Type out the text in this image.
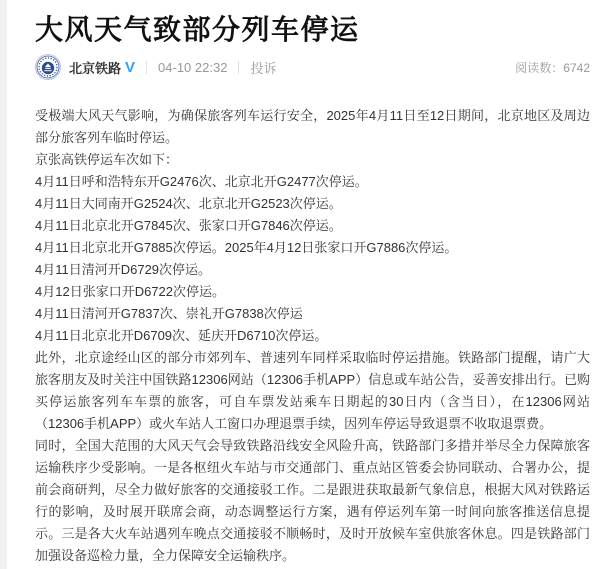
大风天气致部分列车停运
北京铁路 V 04-10 22:32 投诉	阅读数：6742

受极端大风天气影响，为确保旅客列车运行安全，2025年4月11日至12日期间，北京地区及周边部分旅客列车临时停运。

京张高铁停运车次如下：

4月11日呼和浩特东开G2476次、北京北开G2477次停运。

4月11日大同南开G2524次、北京北开G2523次停运。

4月11日北京北开G7845次、张家口开G7846次停运。

4月11日北京北开G7885次停运。2025年4月12日张家口开G7886次停运。

4月11日清河开D6729次停运。

4月12日张家口开D6722次停运。

4月11日清河开G7837次、崇礼开G7838次停运

4月11日北京北开D6709次、延庆开D6710次停运。

此外，北京途经山区的部分市郊列车、普速列车同样采取临时停运措施。铁路部门提醒，请广大旅客朋友及时关注中国铁路12306网站（12306手机APP）信息或车站公告，妥善安排出行。已购买停运旅客列车车票的旅客，可自车票发站乘车日期起的30日内（含当日），在12306网站（12306手机APP）或火车站人工窗口办理退票手续，因列车停运导致退票不收取退票费。

同时，全国大范围的大风天气会导致铁路沿线安全风险升高，铁路部门多措并举尽全力保障旅客运输秩序少受影响。一是各枢纽火车站与市交通部门、重点站区管委会协同联动、合署办公，提前会商研判，尽全力做好旅客的交通接驳工作。二是跟进获取最新气象信息，根据大风对铁路运行的影响，及时展开联席会商，动态调整运行方案，遇有停运列车第一时间向旅客推送信息提示。三是各大火车站遇列车晚点交通接驳不顺畅时，及时开放候车室供旅客休息。四是铁路部门加强设备巡检力量，全力保障安全运输秩序。
